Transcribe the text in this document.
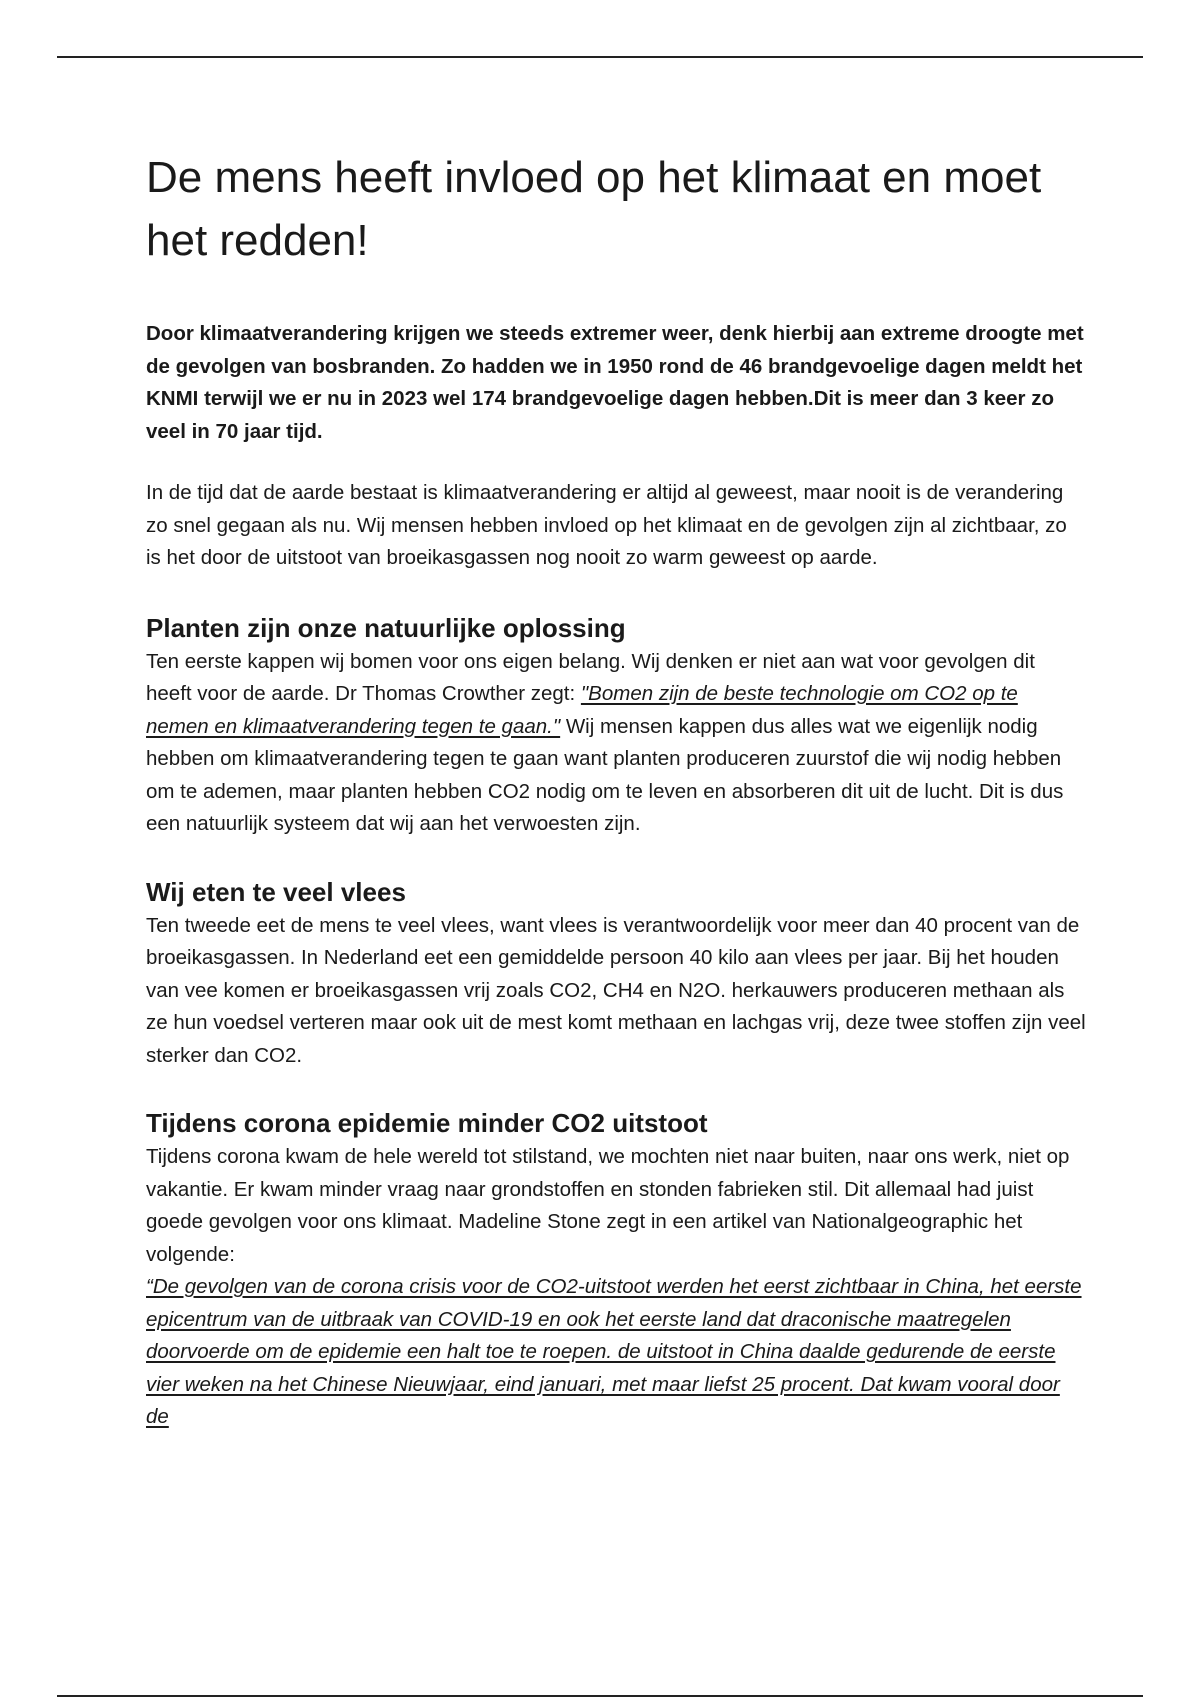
De mens heeft invloed op het klimaat en moet het redden!

Door klimaatverandering krijgen we steeds extremer weer, denk hierbij aan extreme droogte met de gevolgen van bosbranden. Zo hadden we in 1950 rond de 46 brandgevoelige dagen meldt het KNMI terwijl we er nu in 2023 wel 174 brandgevoelige dagen hebben.Dit is meer dan 3 keer zo veel in 70 jaar tijd.

In de tijd dat de aarde bestaat is klimaatverandering er altijd al geweest, maar nooit is de verandering zo snel gegaan als nu. Wij mensen hebben invloed op het klimaat en de gevolgen zijn al zichtbaar, zo is het door de uitstoot van broeikasgassen nog nooit zo warm geweest op aarde.

Planten zijn onze natuurlijke oplossing

Ten eerste kappen wij bomen voor ons eigen belang. Wij denken er niet aan wat voor gevolgen dit heeft voor de aarde. Dr Thomas Crowther zegt: "Bomen zijn de beste technologie om CO2 op te nemen en klimaatverandering tegen te gaan." Wij mensen kappen dus alles wat we eigenlijk nodig hebben om klimaatverandering tegen te gaan want planten produceren zuurstof die wij nodig hebben om te ademen, maar planten hebben CO2 nodig om te leven en absorberen dit uit de lucht. Dit is dus een natuurlijk systeem dat wij aan het verwoesten zijn.

Wij eten te veel vlees

Ten tweede eet de mens te veel vlees, want vlees is verantwoordelijk voor meer dan 40 procent van de broeikasgassen. In Nederland eet een gemiddelde persoon 40 kilo aan vlees per jaar. Bij het houden van vee komen er broeikasgassen vrij zoals CO2, CH4 en N2O. herkauwers produceren methaan als ze hun voedsel verteren maar ook uit de mest komt methaan en lachgas vrij, deze twee stoffen zijn veel sterker dan CO2.

Tijdens corona epidemie minder CO2 uitstoot

Tijdens corona kwam de hele wereld tot stilstand, we mochten niet naar buiten, naar ons werk, niet op vakantie. Er kwam minder vraag naar grondstoffen en stonden fabrieken stil. Dit allemaal had juist goede gevolgen voor ons klimaat. Madeline Stone zegt in een artikel van Nationalgeographic het volgende:

“De gevolgen van de corona crisis voor de CO2-uitstoot werden het eerst zichtbaar in China, het eerste epicentrum van de uitbraak van COVID-19 en ook het eerste land dat draconische maatregelen doorvoerde om de epidemie een halt toe te roepen. de uitstoot in China daalde gedurende de eerste vier weken na het Chinese Nieuwjaar, eind januari, met maar liefst 25 procent. Dat kwam vooral door de
